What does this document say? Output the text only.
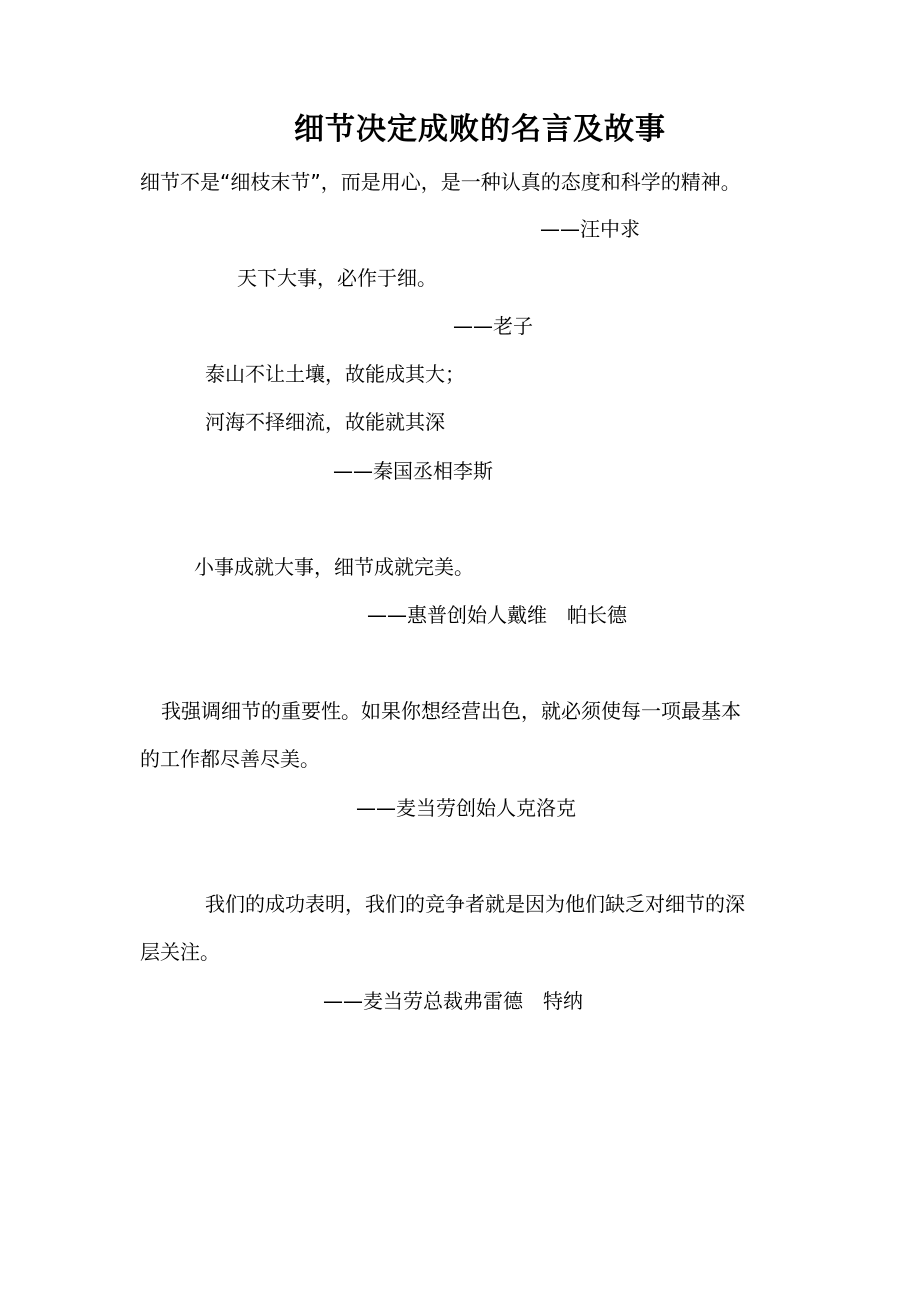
细节决定成败的名言及故事
细节不是“细枝末节”，而是用心，是一种认真的态度和科学的精神。
——汪中求
天下大事，必作于细。
——老子
泰山不让土壤，故能成其大；
河海不择细流，故能就其深
——秦国丞相李斯
小事成就大事，细节成就完美。
——惠普创始人戴维　帕长德
我强调细节的重要性。如果你想经营出色，就必须使每一项最基本
的工作都尽善尽美。
——麦当劳创始人克洛克
我们的成功表明，我们的竞争者就是因为他们缺乏对细节的深
层关注。
——麦当劳总裁弗雷德　特纳
